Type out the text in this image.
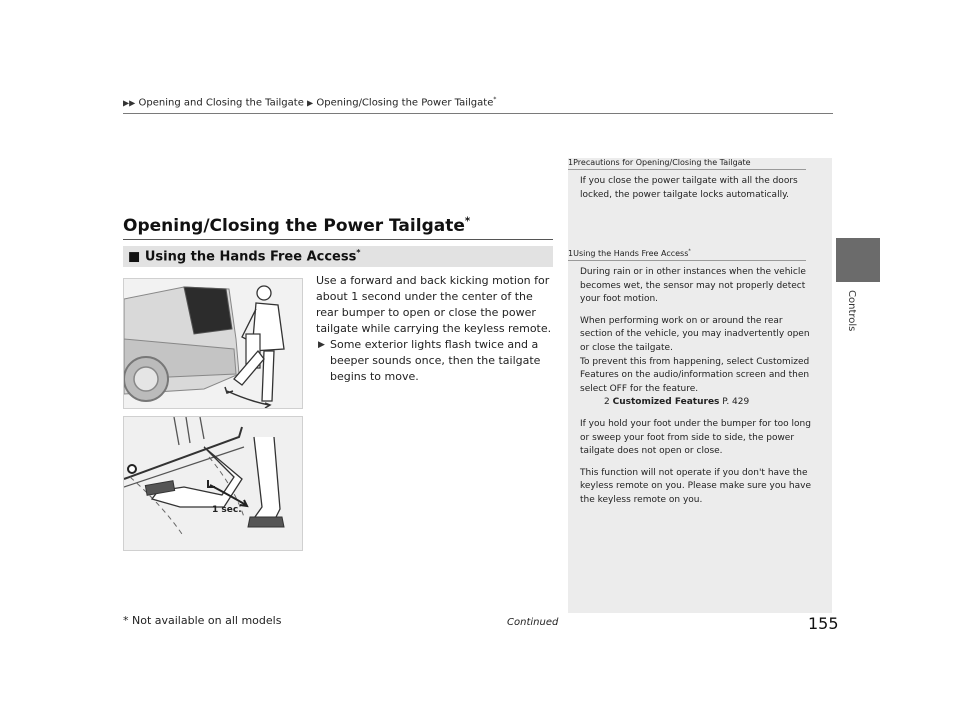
▶▶ Opening and Closing the Tailgate ▶ Opening/Closing the Power Tailgate*
Controls
Opening/Closing the Power Tailgate*
■ Using the Hands Free Access*
1 sec.

Use a forward and back kicking motion for about 1 second under the center of the rear bumper to open or close the power tailgate while carrying the keyless remote.

▶ Some exterior lights flash twice and a beeper sounds once, then the tailgate begins to move.
1Precautions for Opening/Closing the Tailgate

If you close the power tailgate with all the doors locked, the power tailgate locks automatically.

1Using the Hands Free Access*

During rain or in other instances when the vehicle becomes wet, the sensor may not properly detect your foot motion.

When performing work on or around the rear section of the vehicle, you may inadvertently open or close the tailgate.

To prevent this from happening, select Customized Features on the audio/information screen and then select OFF for the feature.

2 Customized Features P. 429

If you hold your foot under the bumper for too long or sweep your foot from side to side, the power tailgate does not open or close.

This function will not operate if you don't have the keyless remote on you. Please make sure you have the keyless remote on you.

* Not available on all models	Continued	155
